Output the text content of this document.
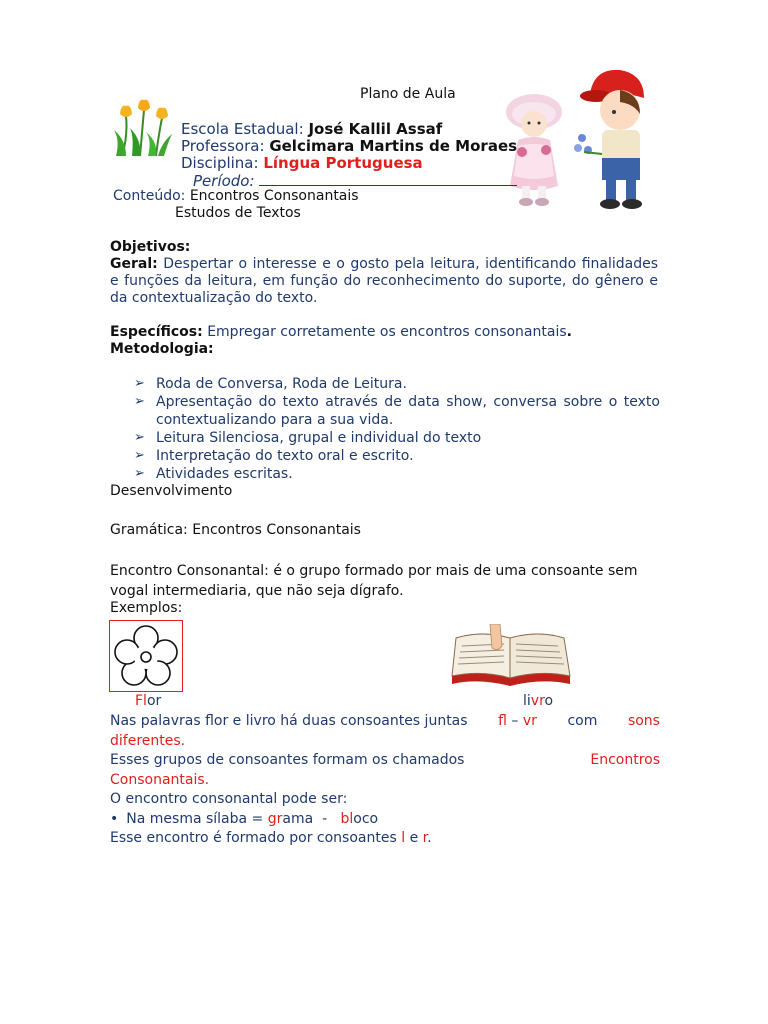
Plano de Aula
Escola Estadual: José Kallil Assaf
Professora: Gelcimara Martins de Moraes
Disciplina: Língua Portuguesa
Período:
Conteúdo: Encontros Consonantais
Estudos de Textos
Objetivos:
Geral: Despertar o interesse e o gosto pela leitura, identificando finalidades e funções da leitura, em função do reconhecimento do suporte, do gênero e da contextualização do texto.
Específicos: Empregar corretamente os encontros consonantais.
Metodologia:
➢ Roda de Conversa, Roda de Leitura.
➢ Apresentação do texto através de data show, conversa sobre o texto contextualizando para a sua vida.
➢ Leitura Silenciosa, grupal e individual do texto
➢ Interpretação do texto oral e escrito.
➢ Atividades escritas.
Desenvolvimento
Gramática: Encontros Consonantais
Encontro Consonantal: é o grupo formado por mais de uma consoante sem vogal intermediaria, que não seja dígrafo.
Exemplos:
Flor	livro
Nas palavras flor e livro há duas consoantes juntas fl – vr com sons
diferentes.
Esses grupos de consoantes formam os chamados	Encontros
Consonantais.
O encontro consonantal pode ser:
• Na mesma sílaba = grama  - bloco
Esse encontro é formado por consoantes l e r.
